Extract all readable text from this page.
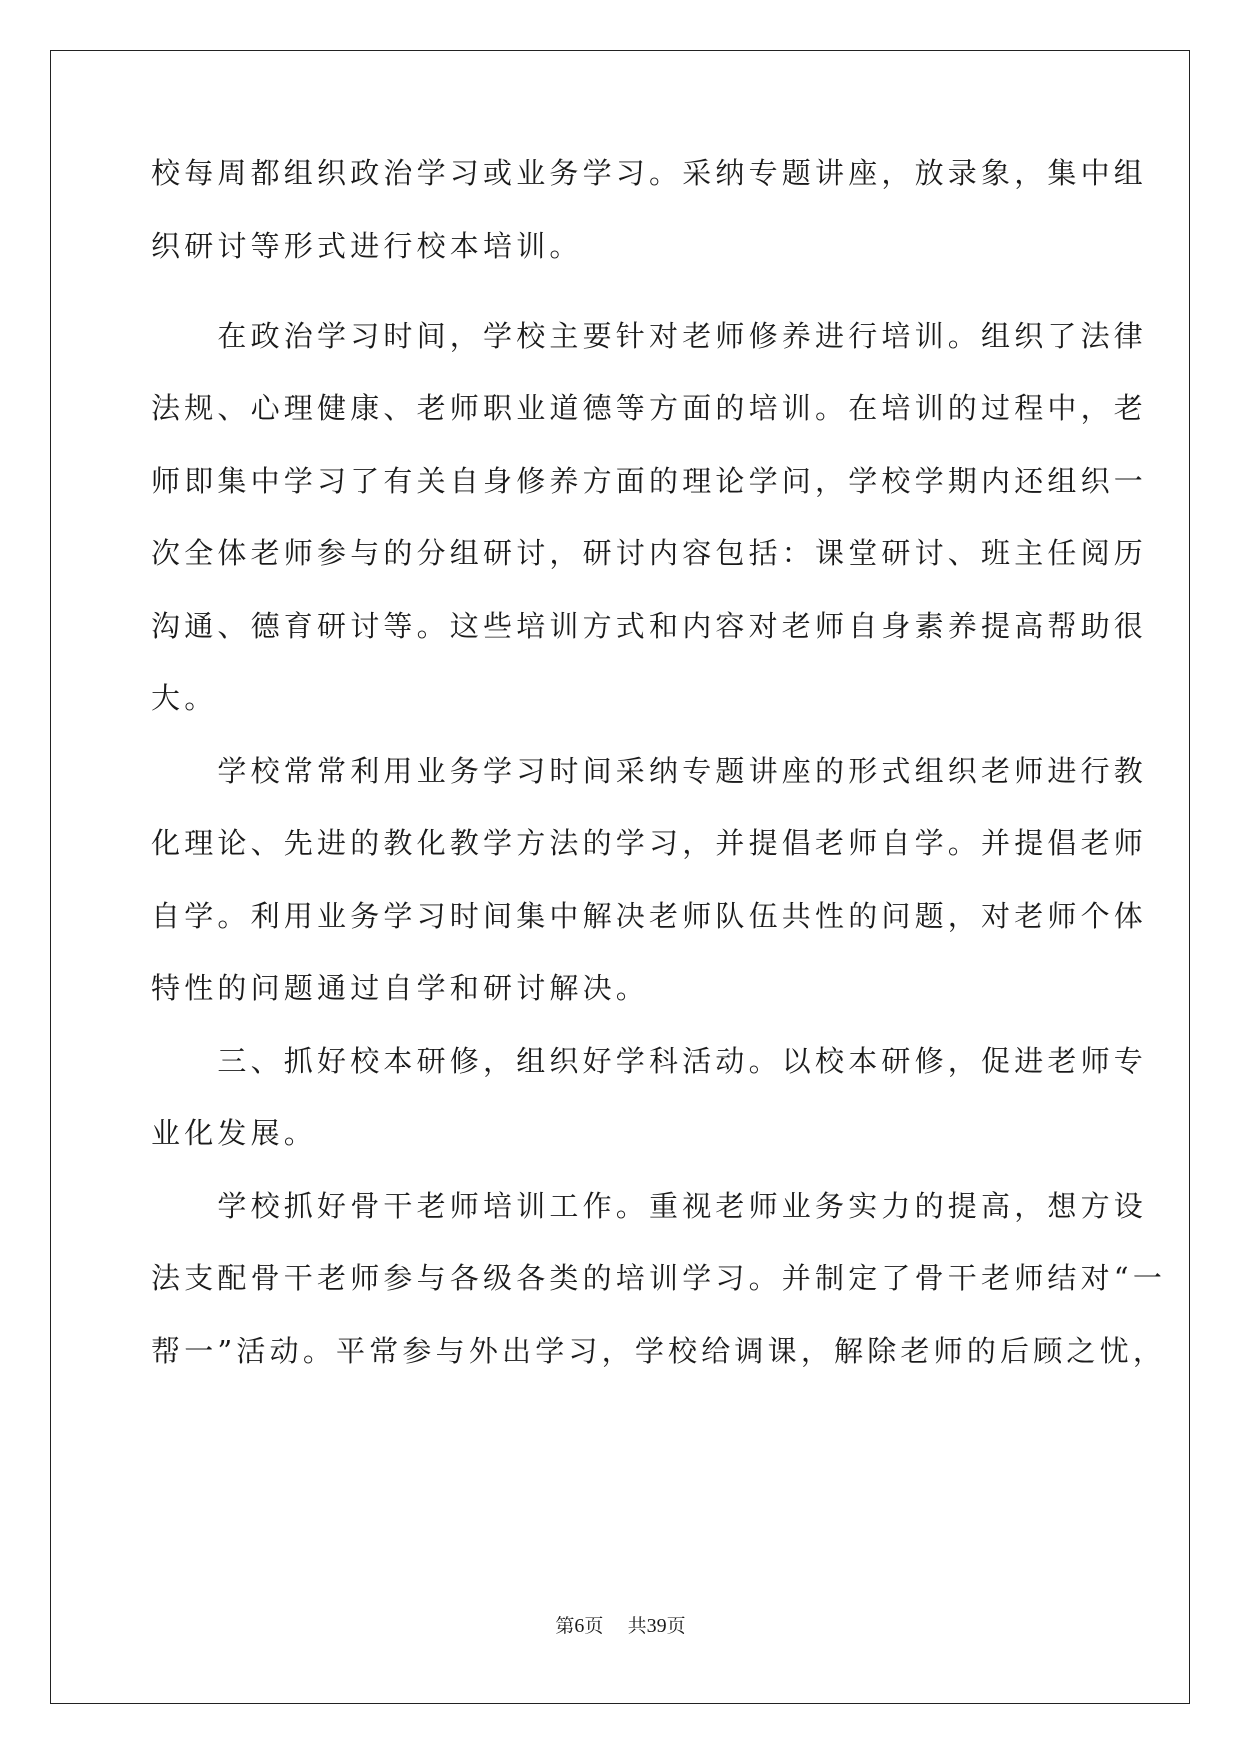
校每周都组织政治学习或业务学习。采纳专题讲座，放录象，集中组
织研讨等形式进行校本培训。
　　在政治学习时间，学校主要针对老师修养进行培训。组织了法律
法规、心理健康、老师职业道德等方面的培训。在培训的过程中，老
师即集中学习了有关自身修养方面的理论学问，学校学期内还组织一
次全体老师参与的分组研讨，研讨内容包括：课堂研讨、班主任阅历
沟通、德育研讨等。这些培训方式和内容对老师自身素养提高帮助很
大。
　　学校常常利用业务学习时间采纳专题讲座的形式组织老师进行教
化理论、先进的教化教学方法的学习，并提倡老师自学。并提倡老师
自学。利用业务学习时间集中解决老师队伍共性的问题，对老师个体
特性的问题通过自学和研讨解决。
　　三、抓好校本研修，组织好学科活动。以校本研修，促进老师专
业化发展。
　　学校抓好骨干老师培训工作。重视老师业务实力的提高，想方设
法支配骨干老师参与各级各类的培训学习。并制定了骨干老师结对“一
帮一”活动。平常参与外出学习，学校给调课，解除老师的后顾之忧，
第6页 共39页
